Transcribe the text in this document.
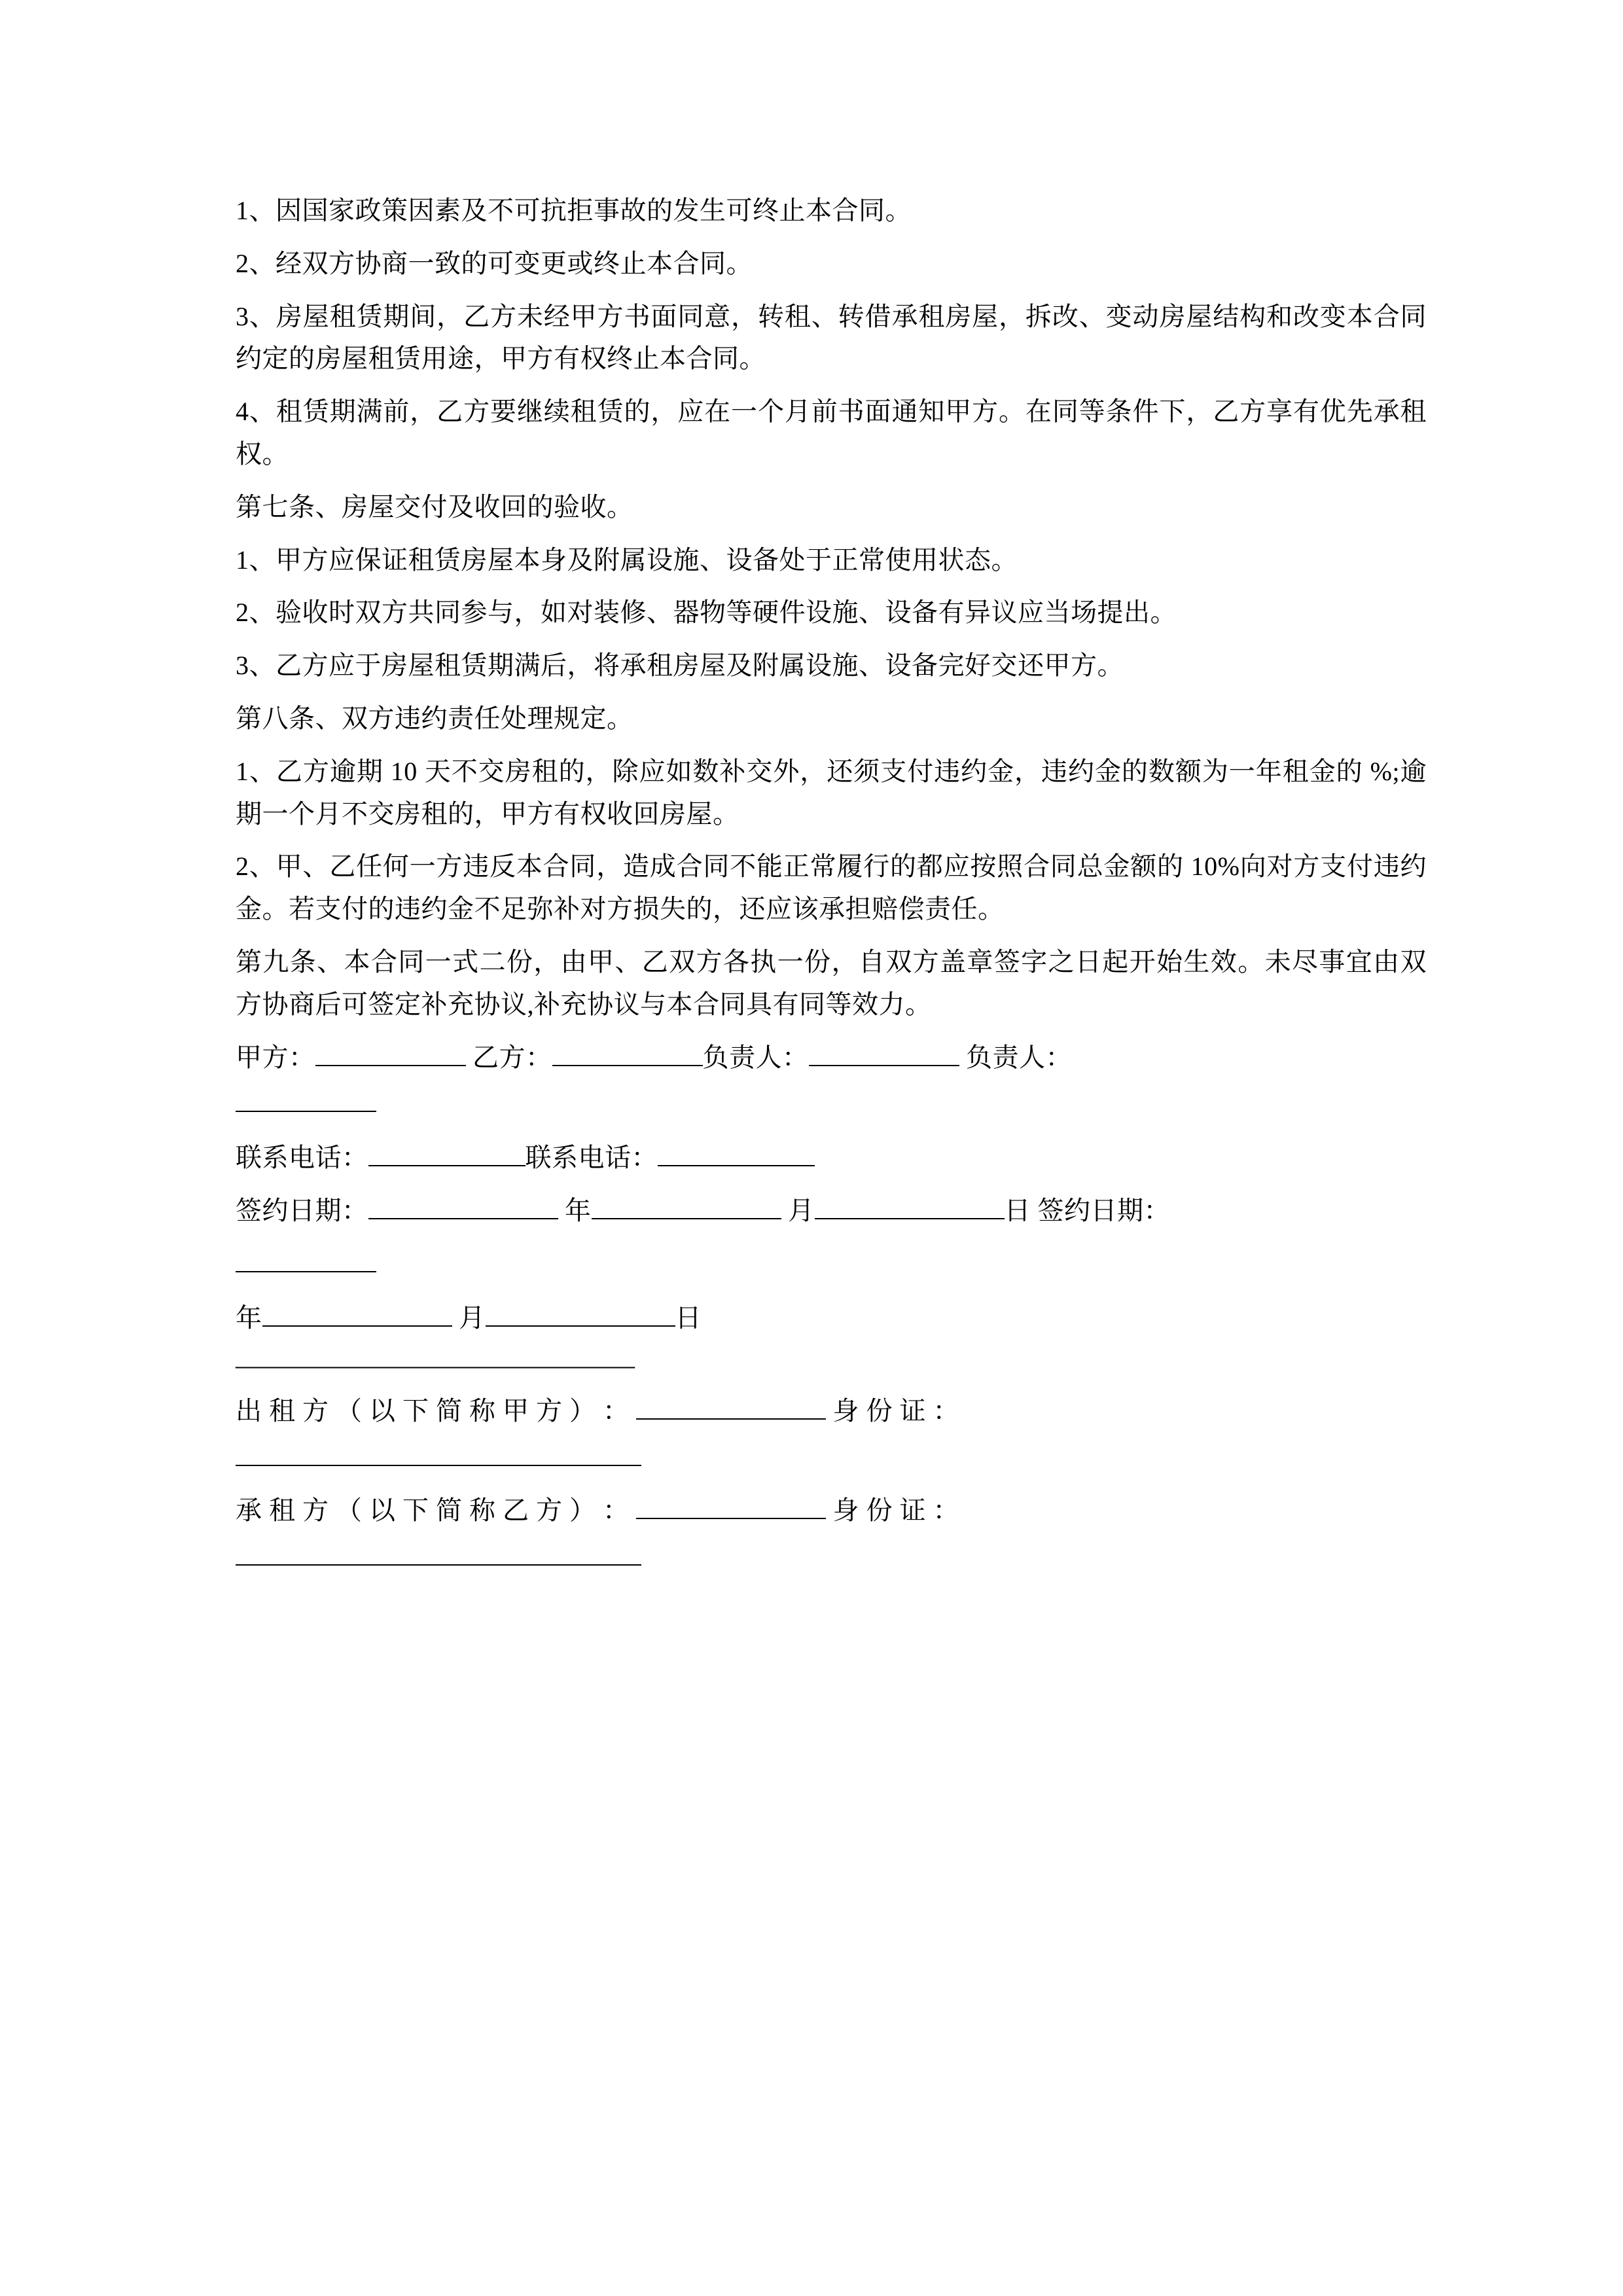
1、因国家政策因素及不可抗拒事故的发生可终止本合同。

2、经双方协商一致的可变更或终止本合同。

3、房屋租赁期间，乙方未经甲方书面同意，转租、转借承租房屋，拆改、变动房屋结构和改变本合同约定的房屋租赁用途，甲方有权终止本合同。

4、租赁期满前，乙方要继续租赁的，应在一个月前书面通知甲方。在同等条件下，乙方享有优先承租权。

第七条、房屋交付及收回的验收。

1、甲方应保证租赁房屋本身及附属设施、设备处于正常使用状态。

2、验收时双方共同参与，如对装修、器物等硬件设施、设备有异议应当场提出。

3、乙方应于房屋租赁期满后，将承租房屋及附属设施、设备完好交还甲方。

第八条、双方违约责任处理规定。

1、乙方逾期 10 天不交房租的，除应如数补交外，还须支付违约金，违约金的数额为一年租金的 %;逾期一个月不交房租的，甲方有权收回房屋。

2、甲、乙任何一方违反本合同，造成合同不能正常履行的都应按照合同总金额的 10%向对方支付违约金。若支付的违约金不足弥补对方损失的，还应该承担赔偿责任。

第九条、本合同一式二份，由甲、乙双方各执一份，自双方盖章签字之日起开始生效。未尽事宜由双方协商后可签定补充协议,补充协议与本合同具有同等效力。

甲方：	乙方：	负责人：	负责人：

联系电话：	联系电话：

签约日期：	年	月	日 签约日期：

年	月	日

————————————————

出 租 方 （ 以 下 简 称 甲 方 ） ：	身 份 证 ：

承 租 方 （ 以 下 简 称 乙 方 ） ：	身 份 证 ：
